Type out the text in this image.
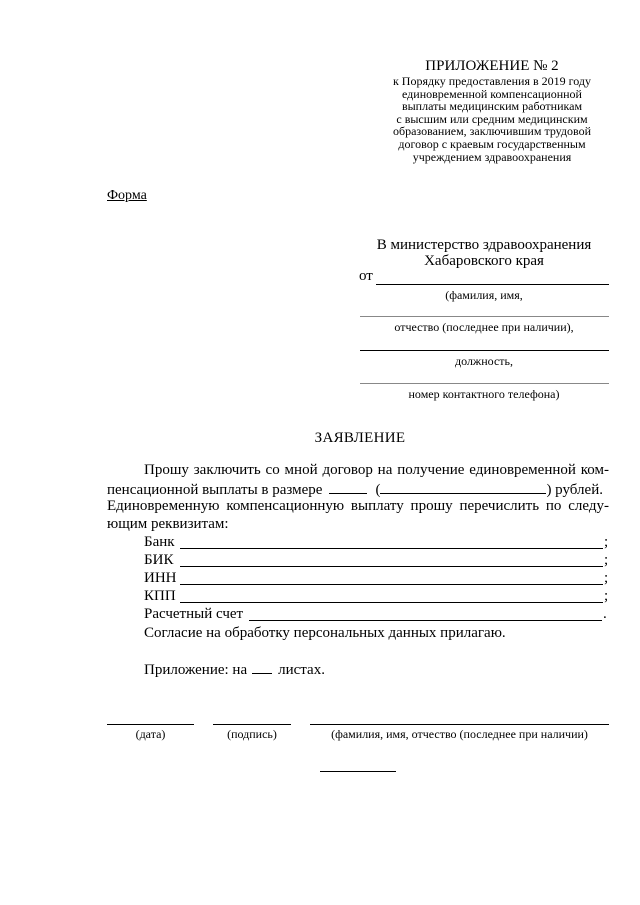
ПРИЛОЖЕНИЕ № 2
к Порядку предоставления в 2019 году
единовременной компенсационной
выплаты медицинским работникам
с высшим или средним медицинским
образованием, заключившим трудовой
договор с краевым государственным
учреждением здравоохранения
Форма
В министерство здравоохранения
Хабаровского края
от
(фамилия, имя,
отчество (последнее при наличии),
должность,
номер контактного телефона)
ЗАЯВЛЕНИЕ
Прошу заключить со мной договор на получение единовременной ком-
пенсационной выплаты в размере	(	) рублей.
Единовременную компенсационную выплату прошу перечислить по следу-
ющим реквизитам:
Банк	;
БИК	;
ИНН	;
КПП	;
Расчетный счет	.
Согласие на обработку персональных данных прилагаю.
Приложение: на листах.
(дата)	(подпись)	(фамилия, имя, отчество (последнее при наличии)
